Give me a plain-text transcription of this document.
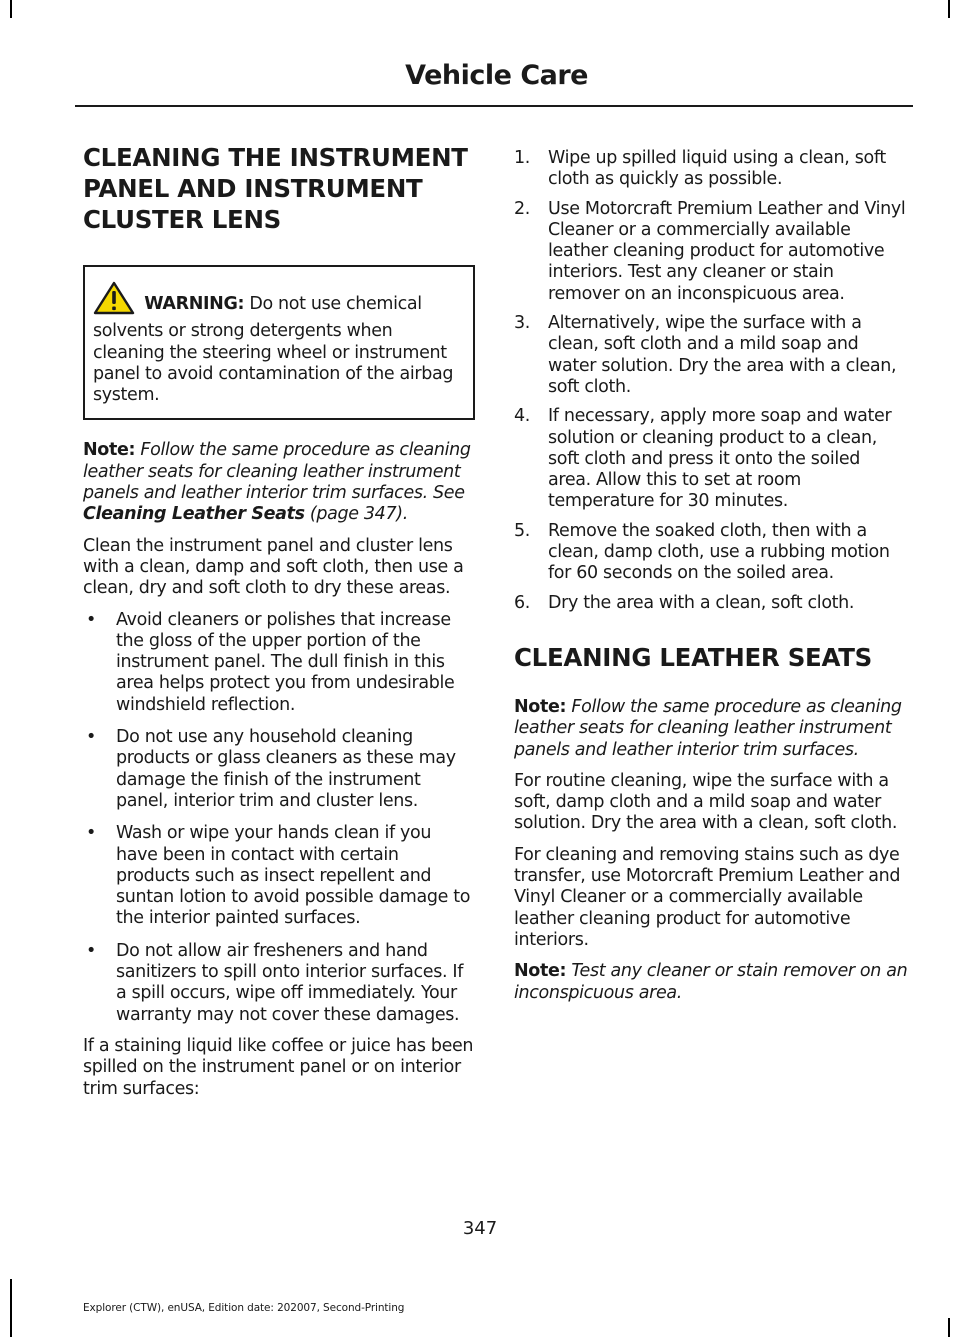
Vehicle Care
CLEANING THE INSTRUMENT
PANEL AND INSTRUMENT
CLUSTER LENS

WARNING: Do not use chemical solvents or strong detergents when cleaning the steering wheel or instrument panel to avoid contamination of the airbag system.

Note: Follow the same procedure as cleaning leather seats for cleaning leather instrument panels and leather interior trim surfaces. See Cleaning Leather Seats (page 347).

Clean the instrument panel and cluster lens with a clean, damp and soft cloth, then use a clean, dry and soft cloth to dry these areas.

• Avoid cleaners or polishes that increase the gloss of the upper portion of the instrument panel. The dull finish in this area helps protect you from undesirable windshield reflection.
• Do not use any household cleaning products or glass cleaners as these may damage the finish of the instrument panel, interior trim and cluster lens.
• Wash or wipe your hands clean if you have been in contact with certain products such as insect repellent and suntan lotion to avoid possible damage to the interior painted surfaces.
• Do not allow air fresheners and hand sanitizers to spill onto interior surfaces. If a spill occurs, wipe off immediately. Your warranty may not cover these damages.

If a staining liquid like coffee or juice has been spilled on the instrument panel or on interior trim surfaces:

1. Wipe up spilled liquid using a clean, soft cloth as quickly as possible.
2. Use Motorcraft Premium Leather and Vinyl Cleaner or a commercially available leather cleaning product for automotive interiors. Test any cleaner or stain remover on an inconspicuous area.
3. Alternatively, wipe the surface with a clean, soft cloth and a mild soap and water solution. Dry the area with a clean, soft cloth.
4. If necessary, apply more soap and water solution or cleaning product to a clean, soft cloth and press it onto the soiled area. Allow this to set at room temperature for 30 minutes.
5. Remove the soaked cloth, then with a clean, damp cloth, use a rubbing motion for 60 seconds on the soiled area.
6. Dry the area with a clean, soft cloth.
CLEANING LEATHER SEATS

Note: Follow the same procedure as cleaning leather seats for cleaning leather instrument panels and leather interior trim surfaces.

For routine cleaning, wipe the surface with a soft, damp cloth and a mild soap and water solution. Dry the area with a clean, soft cloth.

For cleaning and removing stains such as dye transfer, use Motorcraft Premium Leather and Vinyl Cleaner or a commercially available leather cleaning product for automotive interiors.

Note: Test any cleaner or stain remover on an inconspicuous area.

347
Explorer (CTW), enUSA, Edition date: 202007, Second-Printing
